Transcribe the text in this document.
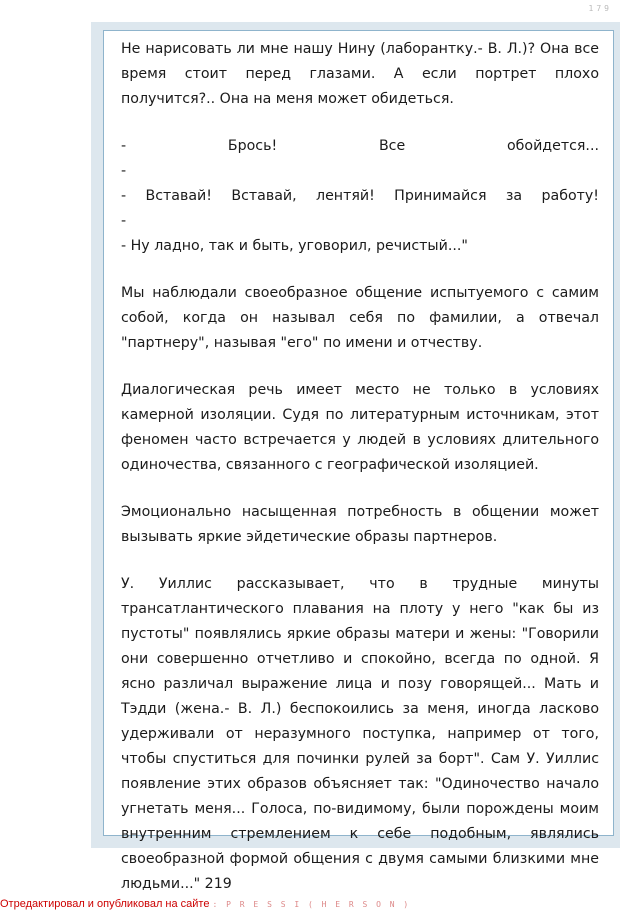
179

Не нарисовать ли мне нашу Нину (лаборантку.- В. Л.)? Она все время стоит перед глазами. А если портрет плохо получится?.. Она на меня может обидеться.

-	Брось!	Все	обойдется...
-
- Вставай! Вставай, лентяй! Принимайся за работу!
-
- Ну ладно, так и быть, уговорил, речистый..."

Мы наблюдали своеобразное общение испытуемого с самим собой, когда он называл себя по фамилии, а отвечал "партнеру", называя "его" по имени и отчеству.

Диалогическая речь имеет место не только в условиях камерной изоляции. Судя по литературным источникам, этот феномен часто встречается у людей в условиях длительного одиночества, связанного с географической изоляцией.

Эмоционально насыщенная потребность в общении может вызывать яркие эйдетические образы партнеров.

У. Уиллис рассказывает, что в трудные минуты трансатлантического плавания на плоту у него "как бы из пустоты" появлялись яркие образы матери и жены: "Говорили они совершенно отчетливо и спокойно, всегда по одной. Я ясно различал выражение лица и позу говорящей... Мать и Тэдди (жена.- В. Л.) беспокоились за меня, иногда ласково удерживали от неразумного поступка, например от того, чтобы спуститься для починки рулей за борт". Сам У. Уиллис появление этих образов объясняет так: "Одиночество начало угнетать меня... Голоса, по-видимому, были порождены моим внутренним стремлением к себе подобным, являлись своеобразной формой общения с двумя самыми близкими мне людьми..." 219

Отредактировал и опубликовал на сайте : P R E S S I ( H E R S O N )
